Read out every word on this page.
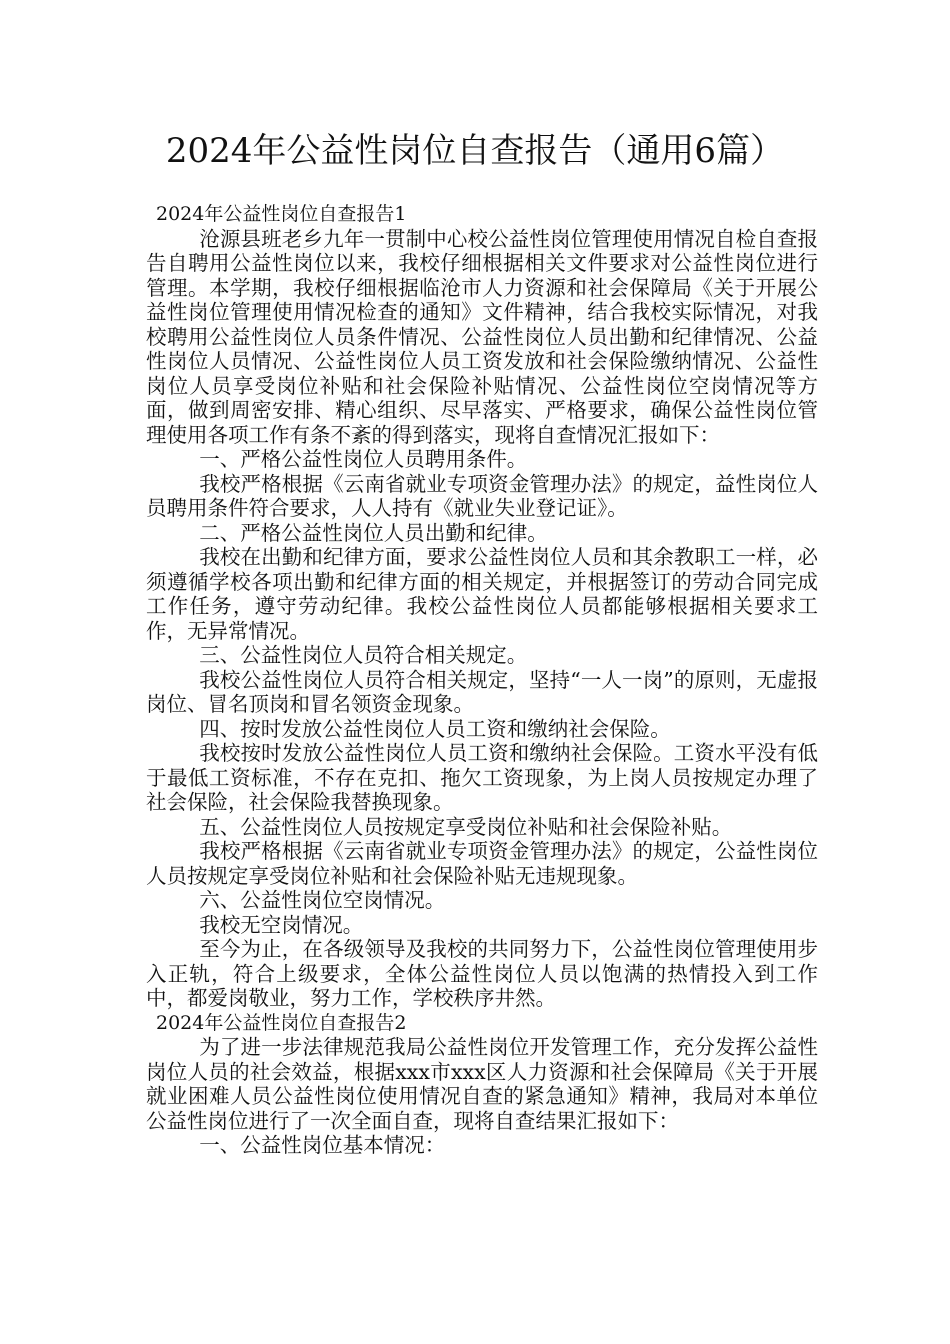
2024年公益性岗位自查报告（通用6篇）

2024年公益性岗位自查报告1

沧源县班老乡九年一贯制中心校公益性岗位管理使用情况自检自查报告自聘用公益性岗位以来，我校仔细根据相关文件要求对公益性岗位进行管理。本学期，我校仔细根据临沧市人力资源和社会保障局《关于开展公益性岗位管理使用情况检查的通知》文件精神，结合我校实际情况，对我校聘用公益性岗位人员条件情况、公益性岗位人员出勤和纪律情况、公益性岗位人员情况、公益性岗位人员工资发放和社会保险缴纳情况、公益性岗位人员享受岗位补贴和社会保险补贴情况、公益性岗位空岗情况等方面，做到周密安排、精心组织、尽早落实、严格要求，确保公益性岗位管理使用各项工作有条不紊的得到落实，现将自查情况汇报如下：

一、严格公益性岗位人员聘用条件。

我校严格根据《云南省就业专项资金管理办法》的规定，益性岗位人员聘用条件符合要求，人人持有《就业失业登记证》。

二、严格公益性岗位人员出勤和纪律。

我校在出勤和纪律方面，要求公益性岗位人员和其余教职工一样，必须遵循学校各项出勤和纪律方面的相关规定，并根据签订的劳动合同完成工作任务，遵守劳动纪律。我校公益性岗位人员都能够根据相关要求工作，无异常情况。

三、公益性岗位人员符合相关规定。

我校公益性岗位人员符合相关规定，坚持“一人一岗”的原则，无虚报岗位、冒名顶岗和冒名领资金现象。

四、按时发放公益性岗位人员工资和缴纳社会保险。

我校按时发放公益性岗位人员工资和缴纳社会保险。工资水平没有低于最低工资标准，不存在克扣、拖欠工资现象，为上岗人员按规定办理了社会保险，社会保险我替换现象。

五、公益性岗位人员按规定享受岗位补贴和社会保险补贴。

我校严格根据《云南省就业专项资金管理办法》的规定，公益性岗位人员按规定享受岗位补贴和社会保险补贴无违规现象。

六、公益性岗位空岗情况。

我校无空岗情况。

至今为止，在各级领导及我校的共同努力下，公益性岗位管理使用步入正轨，符合上级要求，全体公益性岗位人员以饱满的热情投入到工作中，都爱岗敬业，努力工作，学校秩序井然。

2024年公益性岗位自查报告2

为了进一步法律规范我局公益性岗位开发管理工作，充分发挥公益性岗位人员的社会效益，根据xxx市xxx区人力资源和社会保障局《关于开展就业困难人员公益性岗位使用情况自查的紧急通知》精神，我局对本单位公益性岗位进行了一次全面自查，现将自查结果汇报如下：

一、公益性岗位基本情况：
